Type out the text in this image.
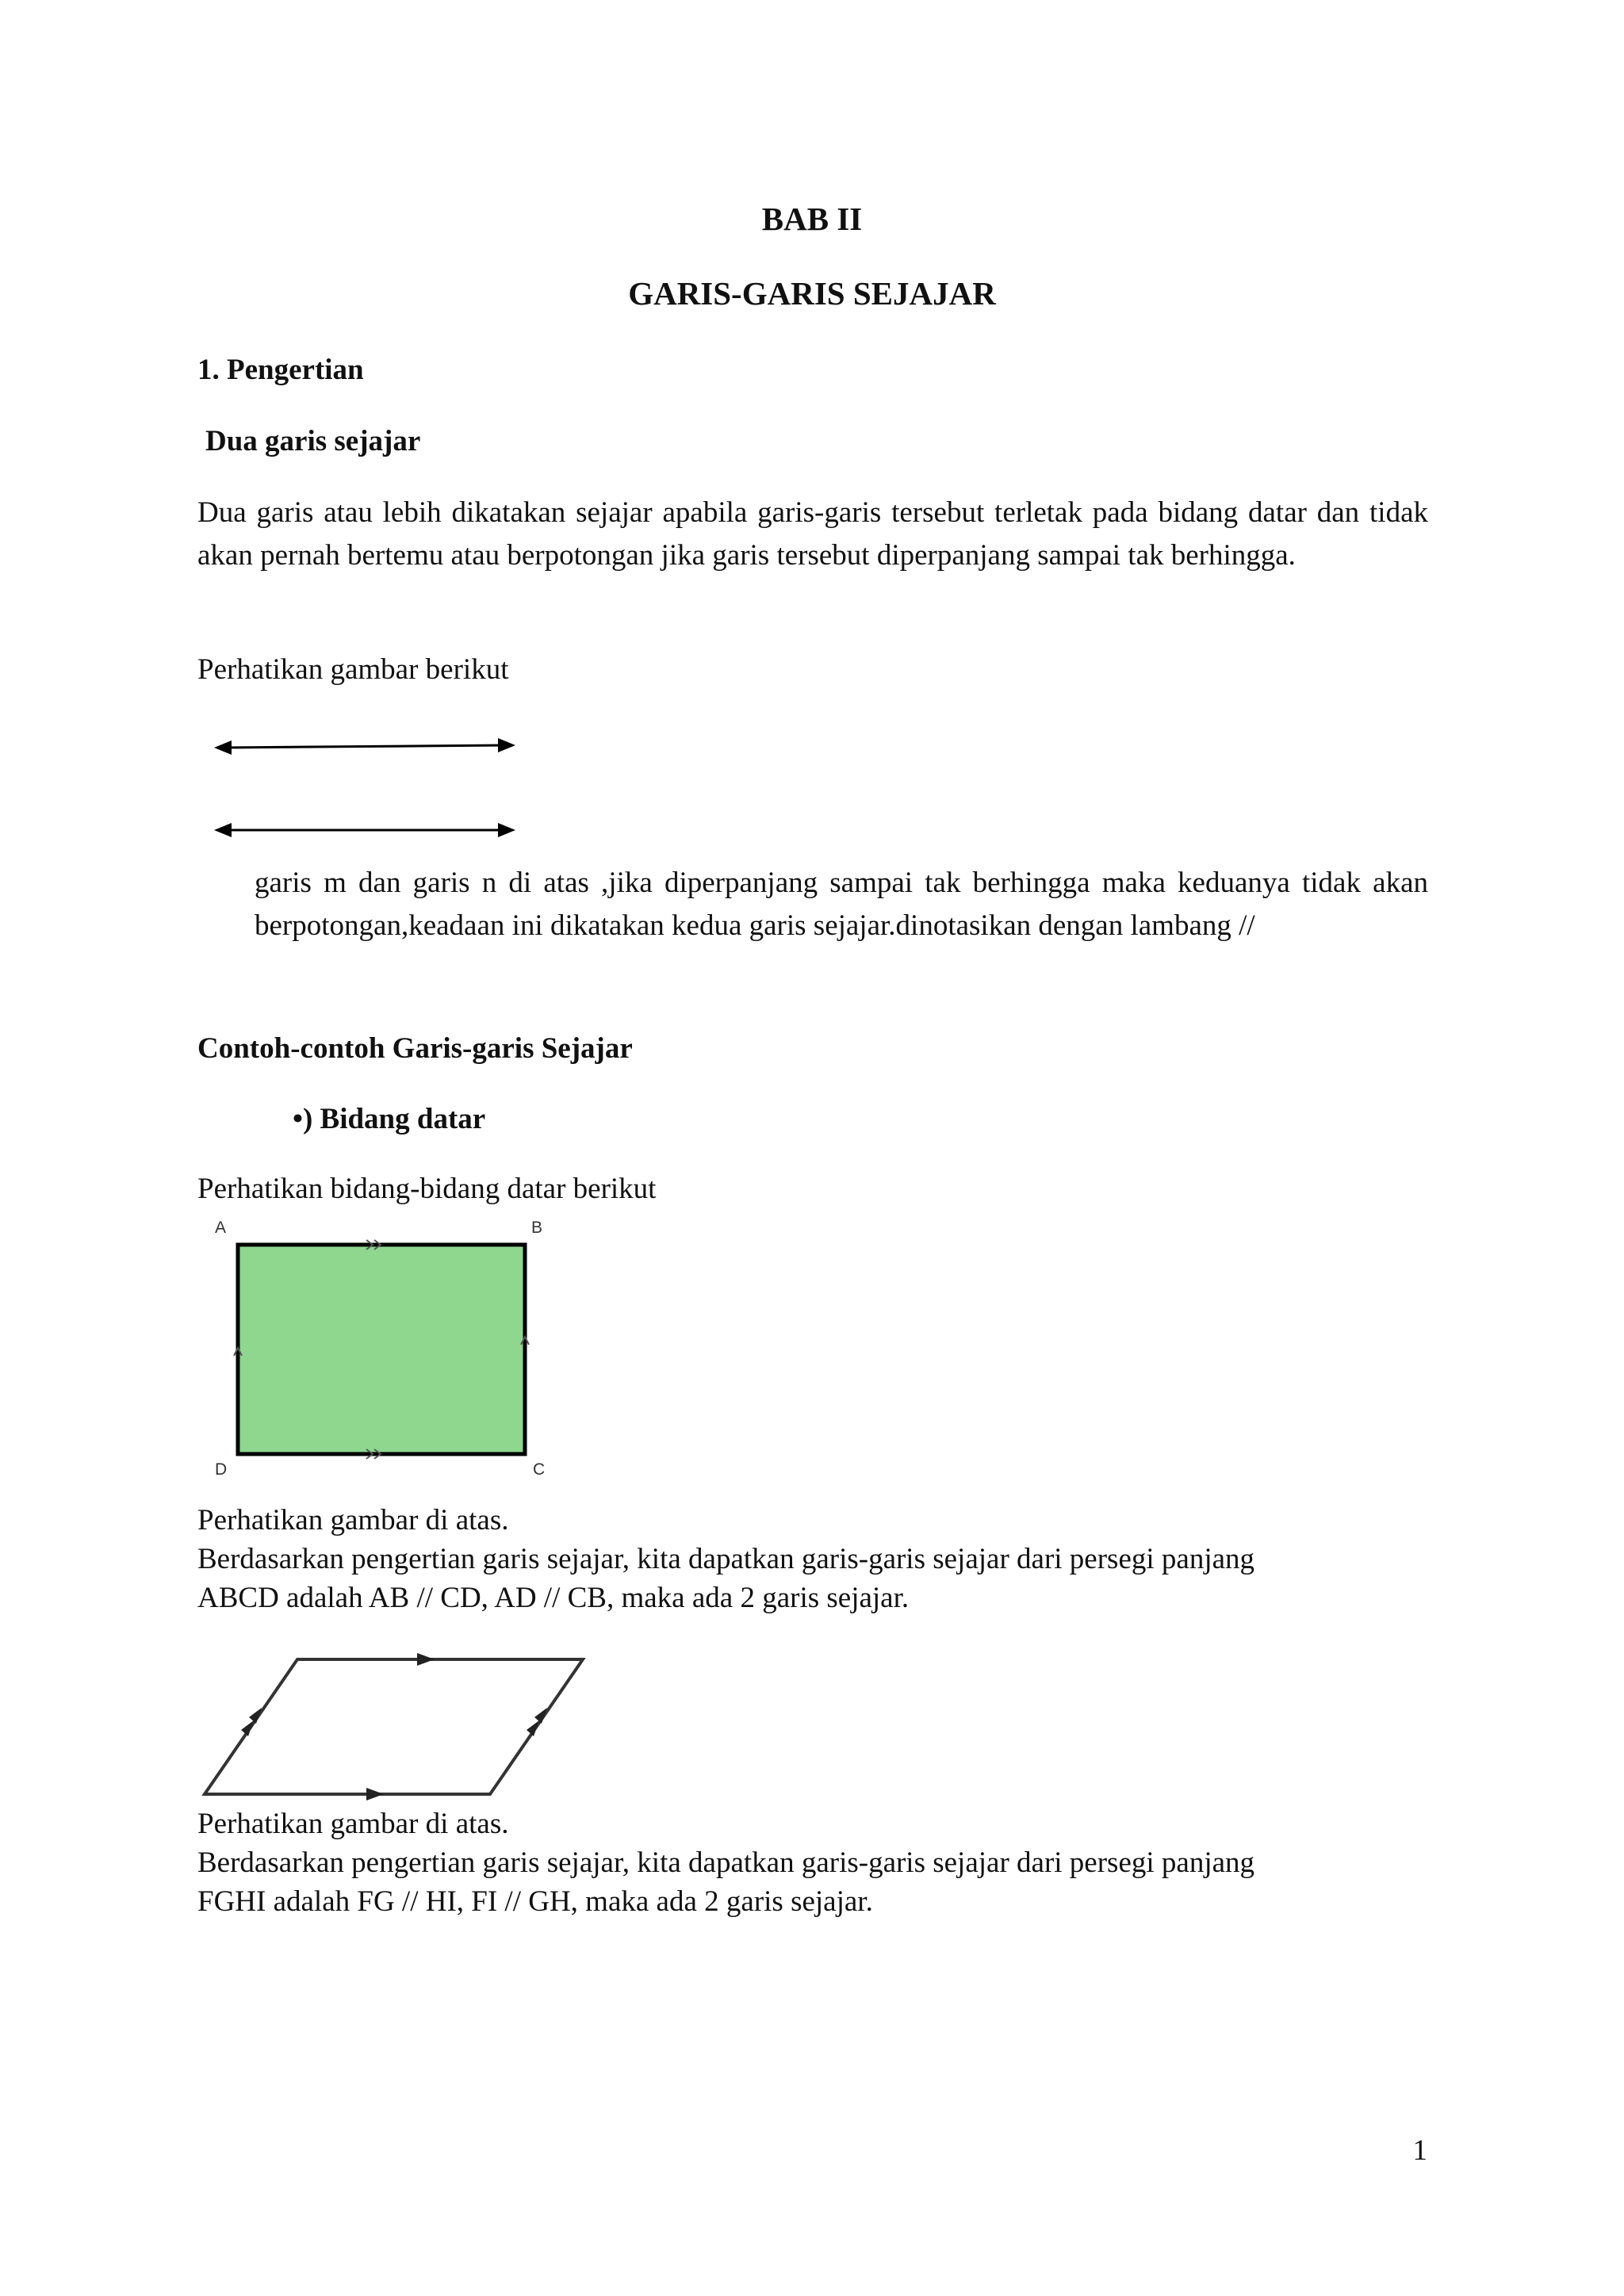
BAB II
GARIS-GARIS SEJAJAR
1. Pengertian
Dua garis sejajar
Dua garis atau lebih dikatakan sejajar apabila garis-garis tersebut terletak pada bidang datar dan tidak akan pernah bertemu atau berpotongan jika garis tersebut diperpanjang sampai tak berhingga.
Perhatikan gambar berikut
garis m dan garis n di atas ,jika diperpanjang sampai tak berhingga maka keduanya tidak akan berpotongan,keadaan ini dikatakan kedua garis sejajar.dinotasikan dengan lambang //
Contoh-contoh Garis-garis Sejajar
•) Bidang datar
Perhatikan bidang-bidang datar berikut
A	B
C
D
Perhatikan gambar di atas.
Berdasarkan pengertian garis sejajar, kita dapatkan garis-garis sejajar dari persegi panjang
ABCD adalah AB // CD, AD // CB, maka ada 2 garis sejajar.
Perhatikan gambar di atas.
Berdasarkan pengertian garis sejajar, kita dapatkan garis-garis sejajar dari persegi panjang
FGHI adalah FG // HI, FI // GH, maka ada 2 garis sejajar.
1
